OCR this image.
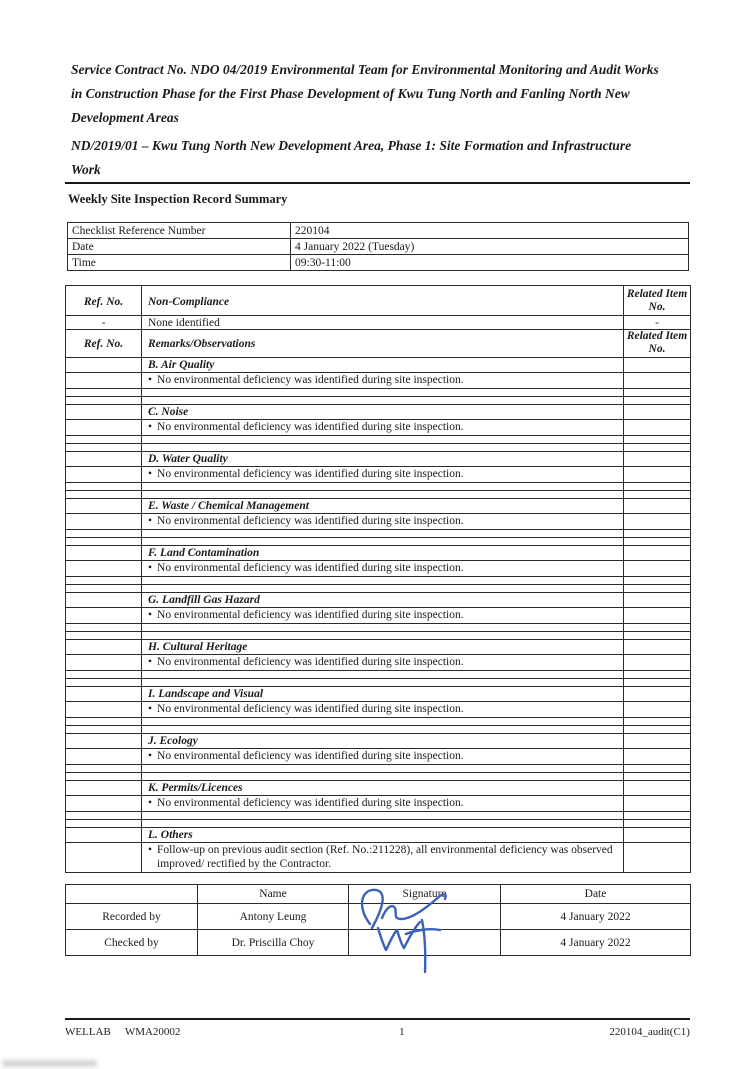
Service Contract No. NDO 04/2019 Environmental Team for Environmental Monitoring and Audit Works in Construction Phase for the First Phase Development of Kwu Tung North and Fanling North New Development Areas

ND/2019/01 – Kwu Tung North New Development Area, Phase 1: Site Formation and Infrastructure Work

Weekly Site Inspection Record Summary
Checklist Reference Number	220104
Date	4 January 2022 (Tuesday)
Time	09:30-11:00
Ref. No.	Non-Compliance	Related Item No.
-	None identified	-
Ref. No.	Remarks/Observations	Related Item No.
	B. Air Quality	

	• No environmental deficiency was identified during site inspection.	

	C. Noise	

	• No environmental deficiency was identified during site inspection.	

	D. Water Quality	

	• No environmental deficiency was identified during site inspection.	

	E. Waste / Chemical Management	

	• No environmental deficiency was identified during site inspection.	

	F. Land Contamination	

	• No environmental deficiency was identified during site inspection.	

	G. Landfill Gas Hazard	

	• No environmental deficiency was identified during site inspection.	

	H. Cultural Heritage	

	• No environmental deficiency was identified during site inspection.	

	I. Landscape and Visual	

	• No environmental deficiency was identified during site inspection.	

	J. Ecology	

	• No environmental deficiency was identified during site inspection.	

	K. Permits/Licences	

	• No environmental deficiency was identified during site inspection.	

	L. Others	

	• Follow-up on previous audit section (Ref. No.:211228), all environmental deficiency was observed improved/ rectified by the Contractor.	

	Name	Signature	Date
Recorded by	Antony Leung		4 January 2022
Checked by	Dr. Priscilla Choy		4 January 2022
WELLAB WMA20002	1	220104_audit(C1)
